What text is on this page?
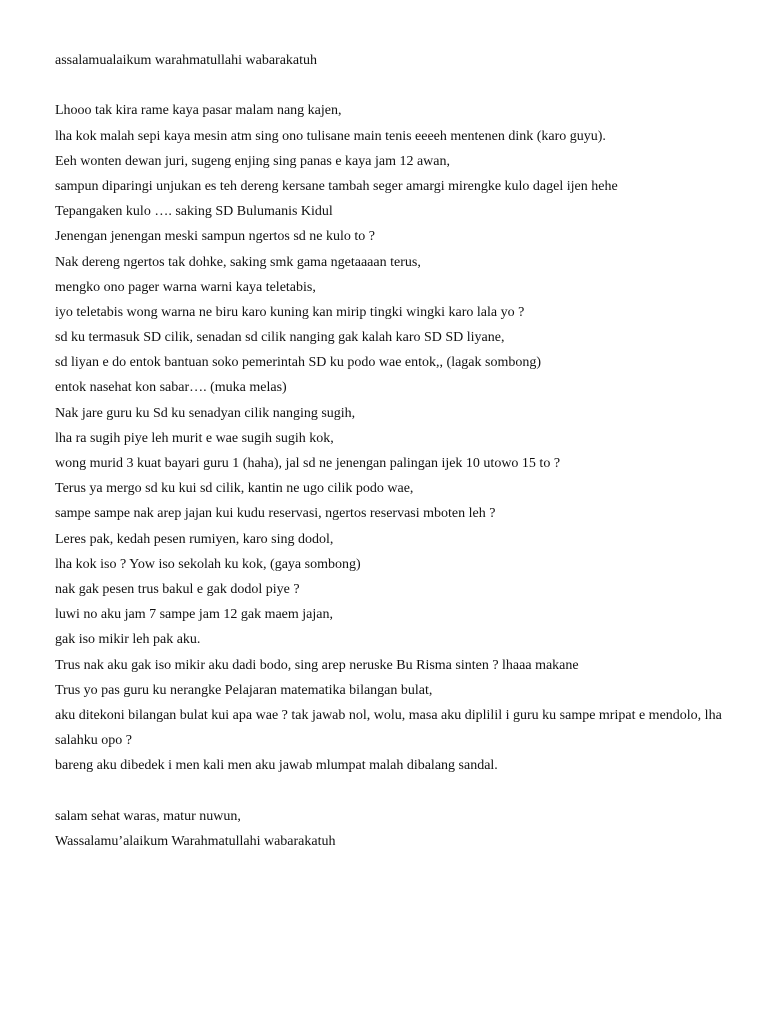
assalamualaikum warahmatullahi wabarakatuh

Lhooo tak kira rame kaya pasar malam nang kajen,

lha kok malah sepi kaya mesin atm sing ono tulisane main tenis eeeeh mentenen dink (karo guyu).

Eeh wonten dewan juri, sugeng enjing sing panas e kaya jam 12 awan,

sampun diparingi unjukan es teh dereng kersane tambah seger amargi mirengke kulo dagel ijen hehe

Tepangaken kulo …. saking SD Bulumanis Kidul

Jenengan jenengan meski sampun ngertos sd ne kulo to ?

Nak dereng ngertos tak dohke, saking smk gama ngetaaaan terus,

mengko ono pager warna warni kaya teletabis,

iyo teletabis wong warna ne biru karo kuning kan mirip tingki wingki karo lala yo ?

sd ku termasuk SD cilik, senadan sd cilik nanging gak kalah karo SD SD liyane,

sd liyan e do entok bantuan soko pemerintah SD ku podo wae entok,, (lagak sombong)

entok nasehat kon sabar…. (muka melas)

Nak jare guru ku Sd ku senadyan cilik nanging sugih,

lha ra sugih piye leh murit e wae sugih sugih kok,

wong murid 3 kuat bayari guru 1 (haha), jal sd ne jenengan palingan ijek 10 utowo 15 to ?

Terus ya mergo sd ku kui sd cilik, kantin ne ugo cilik podo wae,

sampe sampe nak arep jajan kui kudu reservasi, ngertos reservasi mboten leh ?

Leres pak, kedah pesen rumiyen, karo sing dodol,

lha kok iso ? Yow iso sekolah ku kok, (gaya sombong)

nak gak pesen trus bakul e gak dodol piye ?

luwi no aku jam 7 sampe jam 12 gak maem jajan,

gak iso mikir leh pak aku.

Trus nak aku gak iso mikir aku dadi bodo, sing arep neruske Bu Risma sinten ? lhaaa makane

Trus yo pas guru ku nerangke Pelajaran matematika bilangan bulat,

aku ditekoni bilangan bulat kui apa wae ? tak jawab nol, wolu, masa aku diplilil i guru ku sampe mripat e mendolo, lha salahku opo ?

bareng aku dibedek i men kali men aku jawab mlumpat malah dibalang sandal.

salam sehat waras, matur nuwun,

Wassalamu’alaikum Warahmatullahi wabarakatuh
